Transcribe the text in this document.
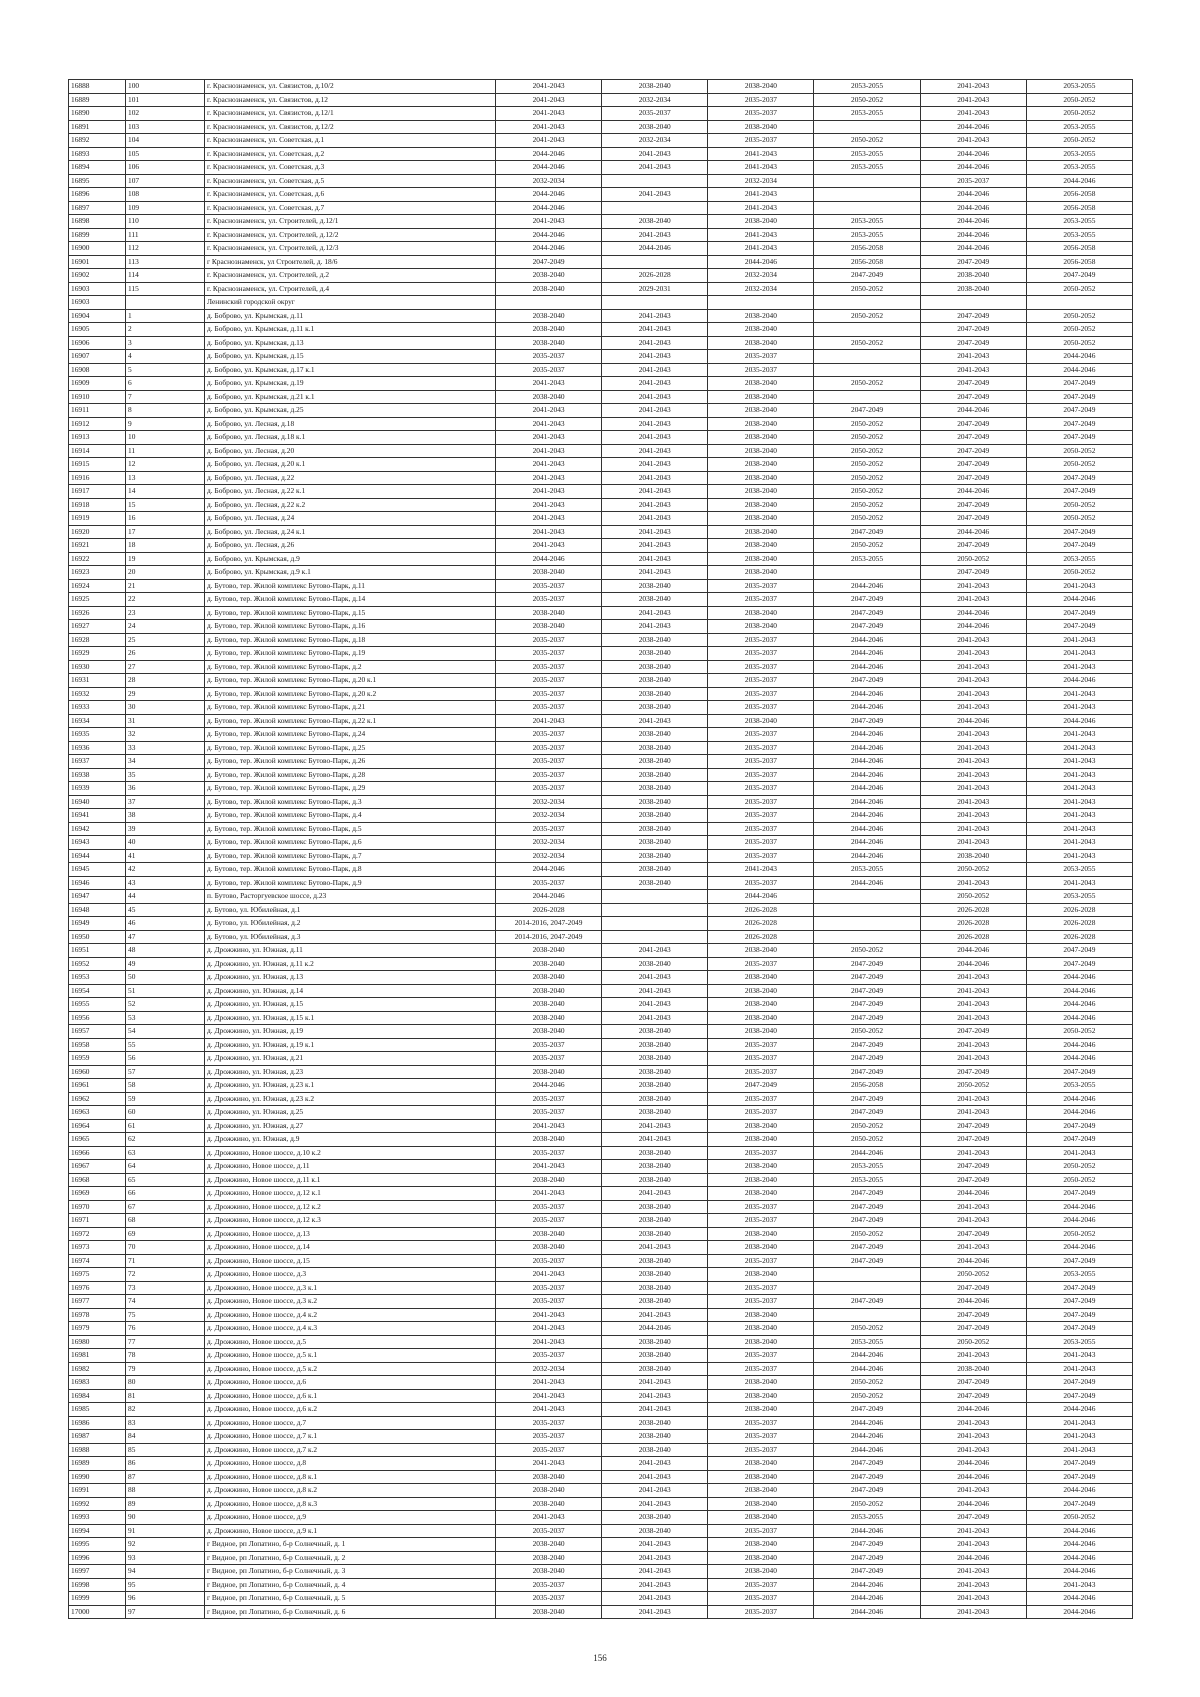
16888	100	г. Краснознаменск, ул. Связистов, д.10/2	2041-2043	2038-2040	2038-2040	2053-2055	2041-2043	2053-2055
16889	101	г. Краснознаменск, ул. Связистов, д.12	2041-2043	2032-2034	2035-2037	2050-2052	2041-2043	2050-2052
16890	102	г. Краснознаменск, ул. Связистов, д.12/1	2041-2043	2035-2037	2035-2037	2053-2055	2041-2043	2050-2052
16891	103	г. Краснознаменск, ул. Связистов, д.12/2	2041-2043	2038-2040	2038-2040		2044-2046	2053-2055
16892	104	г. Краснознаменск, ул. Советская, д.1	2041-2043	2032-2034	2035-2037	2050-2052	2041-2043	2050-2052
16893	105	г. Краснознаменск, ул. Советская, д.2	2044-2046	2041-2043	2041-2043	2053-2055	2044-2046	2053-2055
16894	106	г. Краснознаменск, ул. Советская, д.3	2044-2046	2041-2043	2041-2043	2053-2055	2044-2046	2053-2055
16895	107	г. Краснознаменск, ул. Советская, д.5	2032-2034		2032-2034		2035-2037	2044-2046
16896	108	г. Краснознаменск, ул. Советская, д.6	2044-2046	2041-2043	2041-2043		2044-2046	2056-2058
16897	109	г. Краснознаменск, ул. Советская, д.7	2044-2046		2041-2043		2044-2046	2056-2058
16898	110	г. Краснознаменск, ул. Строителей, д.12/1	2041-2043	2038-2040	2038-2040	2053-2055	2044-2046	2053-2055
16899	111	г. Краснознаменск, ул. Строителей, д.12/2	2044-2046	2041-2043	2041-2043	2053-2055	2044-2046	2053-2055
16900	112	г. Краснознаменск, ул. Строителей, д.12/3	2044-2046	2044-2046	2041-2043	2056-2058	2044-2046	2056-2058
16901	113	г Краснознаменск, ул Строителей, д. 18/6	2047-2049		2044-2046	2056-2058	2047-2049	2056-2058
16902	114	г. Краснознаменск, ул. Строителей, д.2	2038-2040	2026-2028	2032-2034	2047-2049	2038-2040	2047-2049
16903	115	г. Краснознаменск, ул. Строителей, д.4	2038-2040	2029-2031	2032-2034	2050-2052	2038-2040	2050-2052
16903		Ленинский городской округ						
16904	1	д. Боброво, ул. Крымская, д.11	2038-2040	2041-2043	2038-2040	2050-2052	2047-2049	2050-2052
16905	2	д. Боброво, ул. Крымская, д.11 к.1	2038-2040	2041-2043	2038-2040		2047-2049	2050-2052
16906	3	д. Боброво, ул. Крымская, д.13	2038-2040	2041-2043	2038-2040	2050-2052	2047-2049	2050-2052
16907	4	д. Боброво, ул. Крымская, д.15	2035-2037	2041-2043	2035-2037		2041-2043	2044-2046
16908	5	д. Боброво, ул. Крымская, д.17 к.1	2035-2037	2041-2043	2035-2037		2041-2043	2044-2046
16909	6	д. Боброво, ул. Крымская, д.19	2041-2043	2041-2043	2038-2040	2050-2052	2047-2049	2047-2049
16910	7	д. Боброво, ул. Крымская, д.21 к.1	2038-2040	2041-2043	2038-2040		2047-2049	2047-2049
16911	8	д. Боброво, ул. Крымская, д.25	2041-2043	2041-2043	2038-2040	2047-2049	2044-2046	2047-2049
16912	9	д. Боброво, ул. Лесная, д.18	2041-2043	2041-2043	2038-2040	2050-2052	2047-2049	2047-2049
16913	10	д. Боброво, ул. Лесная, д.18 к.1	2041-2043	2041-2043	2038-2040	2050-2052	2047-2049	2047-2049
16914	11	д. Боброво, ул. Лесная, д.20	2041-2043	2041-2043	2038-2040	2050-2052	2047-2049	2050-2052
16915	12	д. Боброво, ул. Лесная, д.20 к.1	2041-2043	2041-2043	2038-2040	2050-2052	2047-2049	2050-2052
16916	13	д. Боброво, ул. Лесная, д.22	2041-2043	2041-2043	2038-2040	2050-2052	2047-2049	2047-2049
16917	14	д. Боброво, ул. Лесная, д.22 к.1	2041-2043	2041-2043	2038-2040	2050-2052	2044-2046	2047-2049
16918	15	д. Боброво, ул. Лесная, д.22 к.2	2041-2043	2041-2043	2038-2040	2050-2052	2047-2049	2050-2052
16919	16	д. Боброво, ул. Лесная, д.24	2041-2043	2041-2043	2038-2040	2050-2052	2047-2049	2050-2052
16920	17	д. Боброво, ул. Лесная, д.24 к.1	2041-2043	2041-2043	2038-2040	2047-2049	2044-2046	2047-2049
16921	18	д. Боброво, ул. Лесная, д.26	2041-2043	2041-2043	2038-2040	2050-2052	2047-2049	2047-2049
16922	19	д. Боброво, ул. Крымская, д.9	2044-2046	2041-2043	2038-2040	2053-2055	2050-2052	2053-2055
16923	20	д. Боброво, ул. Крымская, д.9 к.1	2038-2040	2041-2043	2038-2040		2047-2049	2050-2052
16924	21	д. Бутово, тер. Жилой комплекс Бутово-Парк, д.11	2035-2037	2038-2040	2035-2037	2044-2046	2041-2043	2041-2043
16925	22	д. Бутово, тер. Жилой комплекс Бутово-Парк, д.14	2035-2037	2038-2040	2035-2037	2047-2049	2041-2043	2044-2046
16926	23	д. Бутово, тер. Жилой комплекс Бутово-Парк, д.15	2038-2040	2041-2043	2038-2040	2047-2049	2044-2046	2047-2049
16927	24	д. Бутово, тер. Жилой комплекс Бутово-Парк, д.16	2038-2040	2041-2043	2038-2040	2047-2049	2044-2046	2047-2049
16928	25	д. Бутово, тер. Жилой комплекс Бутово-Парк, д.18	2035-2037	2038-2040	2035-2037	2044-2046	2041-2043	2041-2043
16929	26	д. Бутово, тер. Жилой комплекс Бутово-Парк, д.19	2035-2037	2038-2040	2035-2037	2044-2046	2041-2043	2041-2043
16930	27	д. Бутово, тер. Жилой комплекс Бутово-Парк, д.2	2035-2037	2038-2040	2035-2037	2044-2046	2041-2043	2041-2043
16931	28	д. Бутово, тер. Жилой комплекс Бутово-Парк, д.20 к.1	2035-2037	2038-2040	2035-2037	2047-2049	2041-2043	2044-2046
16932	29	д. Бутово, тер. Жилой комплекс Бутово-Парк, д.20 к.2	2035-2037	2038-2040	2035-2037	2044-2046	2041-2043	2041-2043
16933	30	д. Бутово, тер. Жилой комплекс Бутово-Парк, д.21	2035-2037	2038-2040	2035-2037	2044-2046	2041-2043	2041-2043
16934	31	д. Бутово, тер. Жилой комплекс Бутово-Парк, д.22 к.1	2041-2043	2041-2043	2038-2040	2047-2049	2044-2046	2044-2046
16935	32	д. Бутово, тер. Жилой комплекс Бутово-Парк, д.24	2035-2037	2038-2040	2035-2037	2044-2046	2041-2043	2041-2043
16936	33	д. Бутово, тер. Жилой комплекс Бутово-Парк, д.25	2035-2037	2038-2040	2035-2037	2044-2046	2041-2043	2041-2043
16937	34	д. Бутово, тер. Жилой комплекс Бутово-Парк, д.26	2035-2037	2038-2040	2035-2037	2044-2046	2041-2043	2041-2043
16938	35	д. Бутово, тер. Жилой комплекс Бутово-Парк, д.28	2035-2037	2038-2040	2035-2037	2044-2046	2041-2043	2041-2043
16939	36	д. Бутово, тер. Жилой комплекс Бутово-Парк, д.29	2035-2037	2038-2040	2035-2037	2044-2046	2041-2043	2041-2043
16940	37	д. Бутово, тер. Жилой комплекс Бутово-Парк, д.3	2032-2034	2038-2040	2035-2037	2044-2046	2041-2043	2041-2043
16941	38	д. Бутово, тер. Жилой комплекс Бутово-Парк, д.4	2032-2034	2038-2040	2035-2037	2044-2046	2041-2043	2041-2043
16942	39	д. Бутово, тер. Жилой комплекс Бутово-Парк, д.5	2035-2037	2038-2040	2035-2037	2044-2046	2041-2043	2041-2043
16943	40	д. Бутово, тер. Жилой комплекс Бутово-Парк, д.6	2032-2034	2038-2040	2035-2037	2044-2046	2041-2043	2041-2043
16944	41	д. Бутово, тер. Жилой комплекс Бутово-Парк, д.7	2032-2034	2038-2040	2035-2037	2044-2046	2038-2040	2041-2043
16945	42	д. Бутово, тер. Жилой комплекс Бутово-Парк, д.8	2044-2046	2038-2040	2041-2043	2053-2055	2050-2052	2053-2055
16946	43	д. Бутово, тер. Жилой комплекс Бутово-Парк, д.9	2035-2037	2038-2040	2035-2037	2044-2046	2041-2043	2041-2043
16947	44	п. Бутово, Расторгуевское шоссе, д.23	2044-2046		2044-2046		2050-2052	2053-2055
16948	45	д. Бутово, ул. Юбилейная, д.1	2026-2028		2026-2028		2026-2028	2026-2028
16949	46	д. Бутово, ул. Юбилейная, д.2	2014-2016, 2047-2049		2026-2028		2026-2028	2026-2028
16950	47	д. Бутово, ул. Юбилейная, д.3	2014-2016, 2047-2049		2026-2028		2026-2028	2026-2028
16951	48	д. Дрожжино, ул. Южная, д.11	2038-2040	2041-2043	2038-2040	2050-2052	2044-2046	2047-2049
16952	49	д. Дрожжино, ул. Южная, д.11 к.2	2038-2040	2038-2040	2035-2037	2047-2049	2044-2046	2047-2049
16953	50	д. Дрожжино, ул. Южная, д.13	2038-2040	2041-2043	2038-2040	2047-2049	2041-2043	2044-2046
16954	51	д. Дрожжино, ул. Южная, д.14	2038-2040	2041-2043	2038-2040	2047-2049	2041-2043	2044-2046
16955	52	д. Дрожжино, ул. Южная, д.15	2038-2040	2041-2043	2038-2040	2047-2049	2041-2043	2044-2046
16956	53	д. Дрожжино, ул. Южная, д.15 к.1	2038-2040	2041-2043	2038-2040	2047-2049	2041-2043	2044-2046
16957	54	д. Дрожжино, ул. Южная, д.19	2038-2040	2038-2040	2038-2040	2050-2052	2047-2049	2050-2052
16958	55	д. Дрожжино, ул. Южная, д.19 к.1	2035-2037	2038-2040	2035-2037	2047-2049	2041-2043	2044-2046
16959	56	д. Дрожжино, ул. Южная, д.21	2035-2037	2038-2040	2035-2037	2047-2049	2041-2043	2044-2046
16960	57	д. Дрожжино, ул. Южная, д.23	2038-2040	2038-2040	2035-2037	2047-2049	2047-2049	2047-2049
16961	58	д. Дрожжино, ул. Южная, д.23 к.1	2044-2046	2038-2040	2047-2049	2056-2058	2050-2052	2053-2055
16962	59	д. Дрожжино, ул. Южная, д.23 к.2	2035-2037	2038-2040	2035-2037	2047-2049	2041-2043	2044-2046
16963	60	д. Дрожжино, ул. Южная, д.25	2035-2037	2038-2040	2035-2037	2047-2049	2041-2043	2044-2046
16964	61	д. Дрожжино, ул. Южная, д.27	2041-2043	2041-2043	2038-2040	2050-2052	2047-2049	2047-2049
16965	62	д. Дрожжино, ул. Южная, д.9	2038-2040	2041-2043	2038-2040	2050-2052	2047-2049	2047-2049
16966	63	д. Дрожжино, Новое шоссе, д.10 к.2	2035-2037	2038-2040	2035-2037	2044-2046	2041-2043	2041-2043
16967	64	д. Дрожжино, Новое шоссе, д.11	2041-2043	2038-2040	2038-2040	2053-2055	2047-2049	2050-2052
16968	65	д. Дрожжино, Новое шоссе, д.11 к.1	2038-2040	2038-2040	2038-2040	2053-2055	2047-2049	2050-2052
16969	66	д. Дрожжино, Новое шоссе, д.12 к.1	2041-2043	2041-2043	2038-2040	2047-2049	2044-2046	2047-2049
16970	67	д. Дрожжино, Новое шоссе, д.12 к.2	2035-2037	2038-2040	2035-2037	2047-2049	2041-2043	2044-2046
16971	68	д. Дрожжино, Новое шоссе, д.12 к.3	2035-2037	2038-2040	2035-2037	2047-2049	2041-2043	2044-2046
16972	69	д. Дрожжино, Новое шоссе, д.13	2038-2040	2038-2040	2038-2040	2050-2052	2047-2049	2050-2052
16973	70	д. Дрожжино, Новое шоссе, д.14	2038-2040	2041-2043	2038-2040	2047-2049	2041-2043	2044-2046
16974	71	д. Дрожжино, Новое шоссе, д.15	2035-2037	2038-2040	2035-2037	2047-2049	2044-2046	2047-2049
16975	72	д. Дрожжино, Новое шоссе, д.3	2041-2043	2038-2040	2038-2040		2050-2052	2053-2055
16976	73	д. Дрожжино, Новое шоссе, д.3 к.1	2035-2037	2038-2040	2035-2037		2047-2049	2047-2049
16977	74	д. Дрожжино, Новое шоссе, д.3 к.2	2035-2037	2038-2040	2035-2037	2047-2049	2044-2046	2047-2049
16978	75	д. Дрожжино, Новое шоссе, д.4 к.2	2041-2043	2041-2043	2038-2040		2047-2049	2047-2049
16979	76	д. Дрожжино, Новое шоссе, д.4 к.3	2041-2043	2044-2046	2038-2040	2050-2052	2047-2049	2047-2049
16980	77	д. Дрожжино, Новое шоссе, д.5	2041-2043	2038-2040	2038-2040	2053-2055	2050-2052	2053-2055
16981	78	д. Дрожжино, Новое шоссе, д.5 к.1	2035-2037	2038-2040	2035-2037	2044-2046	2041-2043	2041-2043
16982	79	д. Дрожжино, Новое шоссе, д.5 к.2	2032-2034	2038-2040	2035-2037	2044-2046	2038-2040	2041-2043
16983	80	д. Дрожжино, Новое шоссе, д.6	2041-2043	2041-2043	2038-2040	2050-2052	2047-2049	2047-2049
16984	81	д. Дрожжино, Новое шоссе, д.6 к.1	2041-2043	2041-2043	2038-2040	2050-2052	2047-2049	2047-2049
16985	82	д. Дрожжино, Новое шоссе, д.6 к.2	2041-2043	2041-2043	2038-2040	2047-2049	2044-2046	2044-2046
16986	83	д. Дрожжино, Новое шоссе, д.7	2035-2037	2038-2040	2035-2037	2044-2046	2041-2043	2041-2043
16987	84	д. Дрожжино, Новое шоссе, д.7 к.1	2035-2037	2038-2040	2035-2037	2044-2046	2041-2043	2041-2043
16988	85	д. Дрожжино, Новое шоссе, д.7 к.2	2035-2037	2038-2040	2035-2037	2044-2046	2041-2043	2041-2043
16989	86	д. Дрожжино, Новое шоссе, д.8	2041-2043	2041-2043	2038-2040	2047-2049	2044-2046	2047-2049
16990	87	д. Дрожжино, Новое шоссе, д.8 к.1	2038-2040	2041-2043	2038-2040	2047-2049	2044-2046	2047-2049
16991	88	д. Дрожжино, Новое шоссе, д.8 к.2	2038-2040	2041-2043	2038-2040	2047-2049	2041-2043	2044-2046
16992	89	д. Дрожжино, Новое шоссе, д.8 к.3	2038-2040	2041-2043	2038-2040	2050-2052	2044-2046	2047-2049
16993	90	д. Дрожжино, Новое шоссе, д.9	2041-2043	2038-2040	2038-2040	2053-2055	2047-2049	2050-2052
16994	91	д. Дрожжино, Новое шоссе, д.9 к.1	2035-2037	2038-2040	2035-2037	2044-2046	2041-2043	2044-2046
16995	92	г Видное, рп Лопатино, б-р Солнечный, д. 1	2038-2040	2041-2043	2038-2040	2047-2049	2041-2043	2044-2046
16996	93	г Видное, рп Лопатино, б-р Солнечный, д. 2	2038-2040	2041-2043	2038-2040	2047-2049	2044-2046	2044-2046
16997	94	г Видное, рп Лопатино, б-р Солнечный, д. 3	2038-2040	2041-2043	2038-2040	2047-2049	2041-2043	2044-2046
16998	95	г Видное, рп Лопатино, б-р Солнечный, д. 4	2035-2037	2041-2043	2035-2037	2044-2046	2041-2043	2041-2043
16999	96	г Видное, рп Лопатино, б-р Солнечный, д. 5	2035-2037	2041-2043	2035-2037	2044-2046	2041-2043	2044-2046
17000	97	г Видное, рп Лопатино, б-р Солнечный, д. 6	2038-2040	2041-2043	2035-2037	2044-2046	2041-2043	2044-2046
156
